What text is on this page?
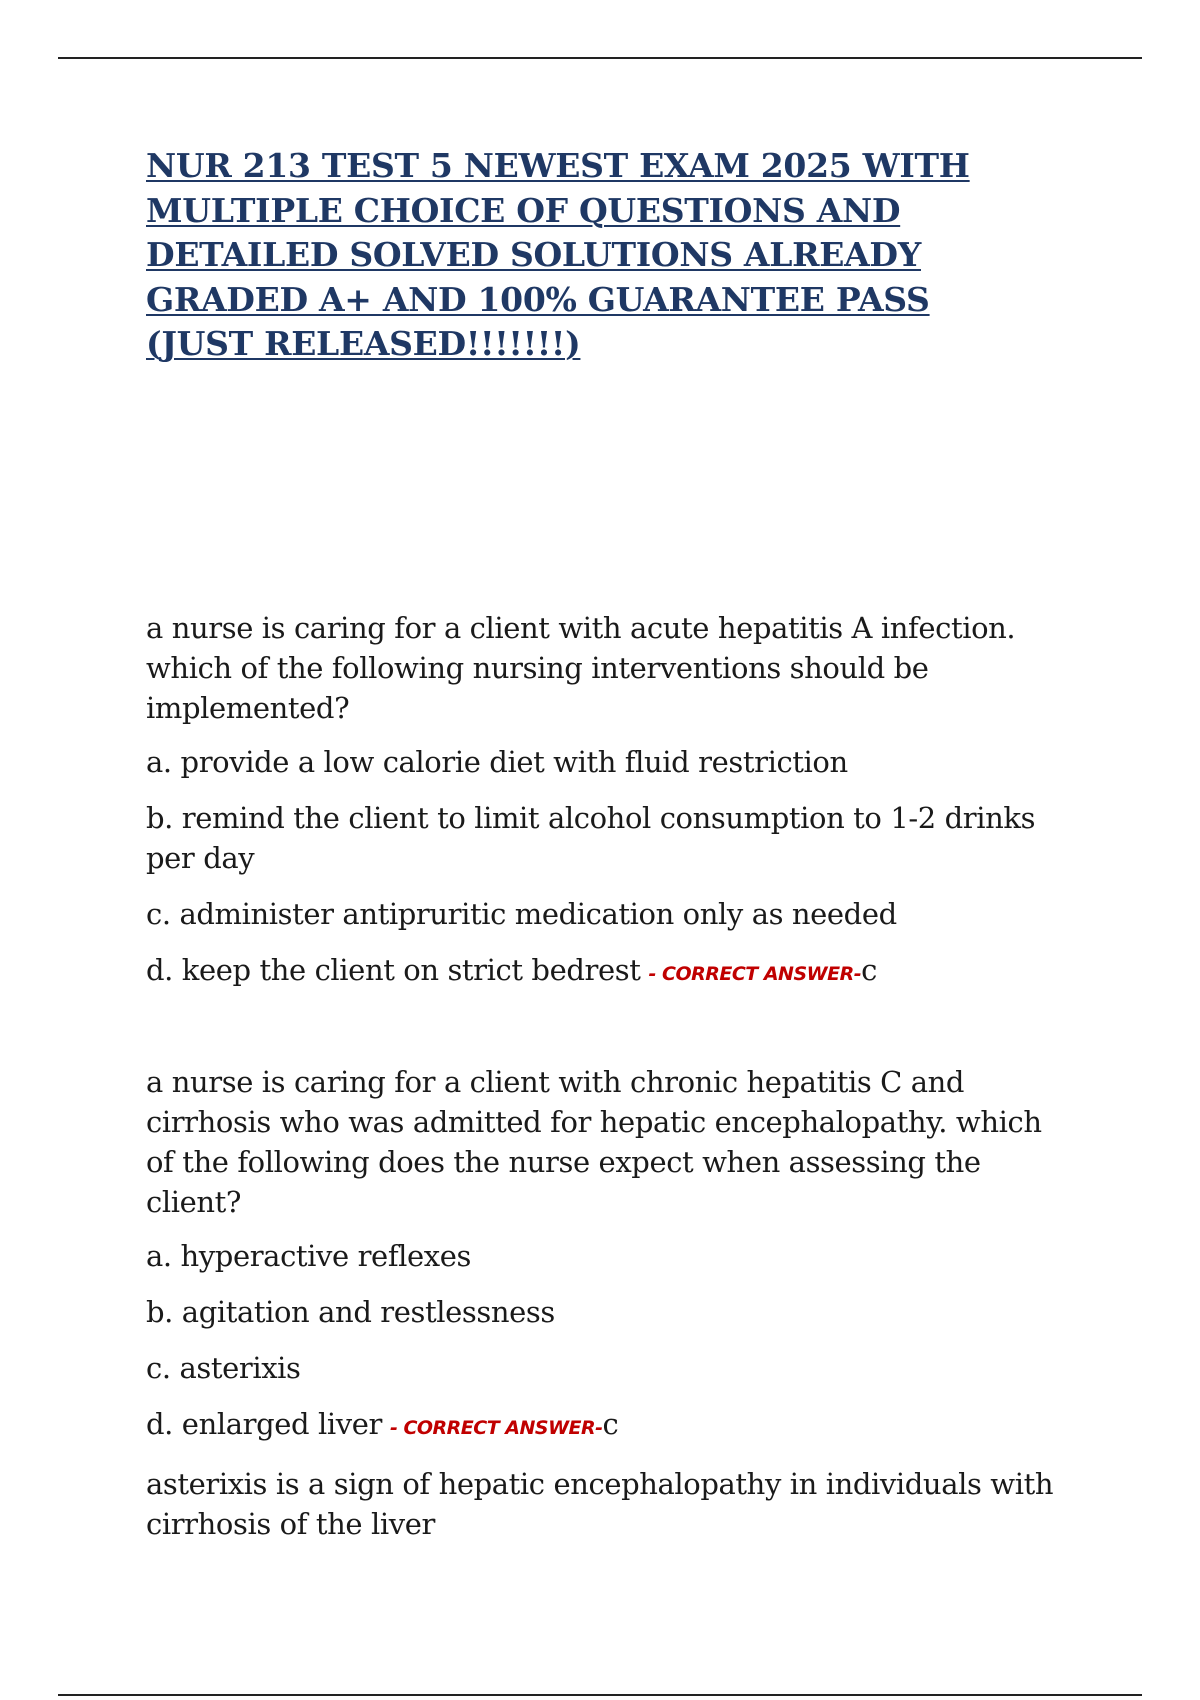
NUR 213 TEST 5 NEWEST EXAM 2025 WITH MULTIPLE CHOICE OF QUESTIONS AND DETAILED SOLVED SOLUTIONS ALREADY GRADED A+ AND 100% GUARANTEE PASS (JUST RELEASED!!!!!!!)

a nurse is caring for a client with acute hepatitis A infection. which of the following nursing interventions should be implemented?

a. provide a low calorie diet with fluid restriction

b. remind the client to limit alcohol consumption to 1-2 drinks per day

c. administer antipruritic medication only as needed

d. keep the client on strict bedrest - CORRECT ANSWER-c

a nurse is caring for a client with chronic hepatitis C and cirrhosis who was admitted for hepatic encephalopathy. which of the following does the nurse expect when assessing the client?

a. hyperactive reflexes

b. agitation and restlessness

c. asterixis

d. enlarged liver - CORRECT ANSWER-c

asterixis is a sign of hepatic encephalopathy in individuals with cirrhosis of the liver
